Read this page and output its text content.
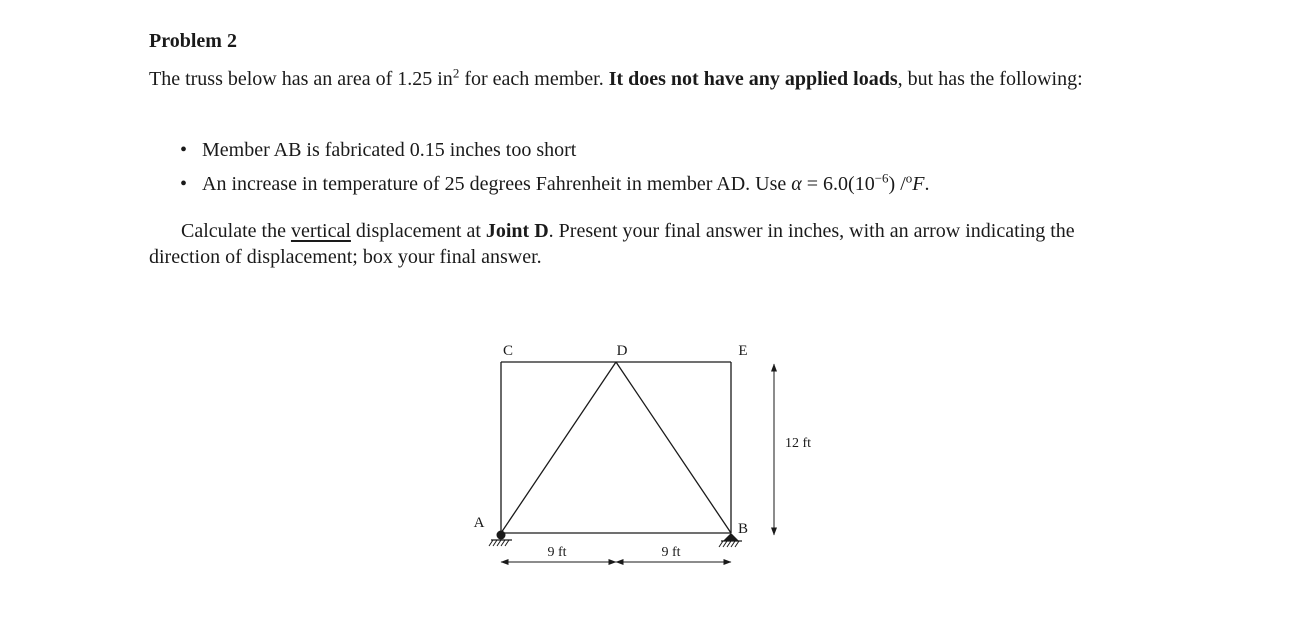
Problem 2
The truss below has an area of 1.25 $in^2$ for each member. It does not have any applied loads, but has the following:
• Member AB is fabricated 0.15 inches too short
• An increase in temperature of 25 degrees Fahrenheit in member AD. Use $\alpha = 6.0(10^{-6})$ /$^o$F.
Calculate the vertical displacement at Joint D. Present your final answer in inches, with an arrow indicating the direction of displacement; box your final answer.
C	D	E
A	B
9 ft	9 ft
12 ft
